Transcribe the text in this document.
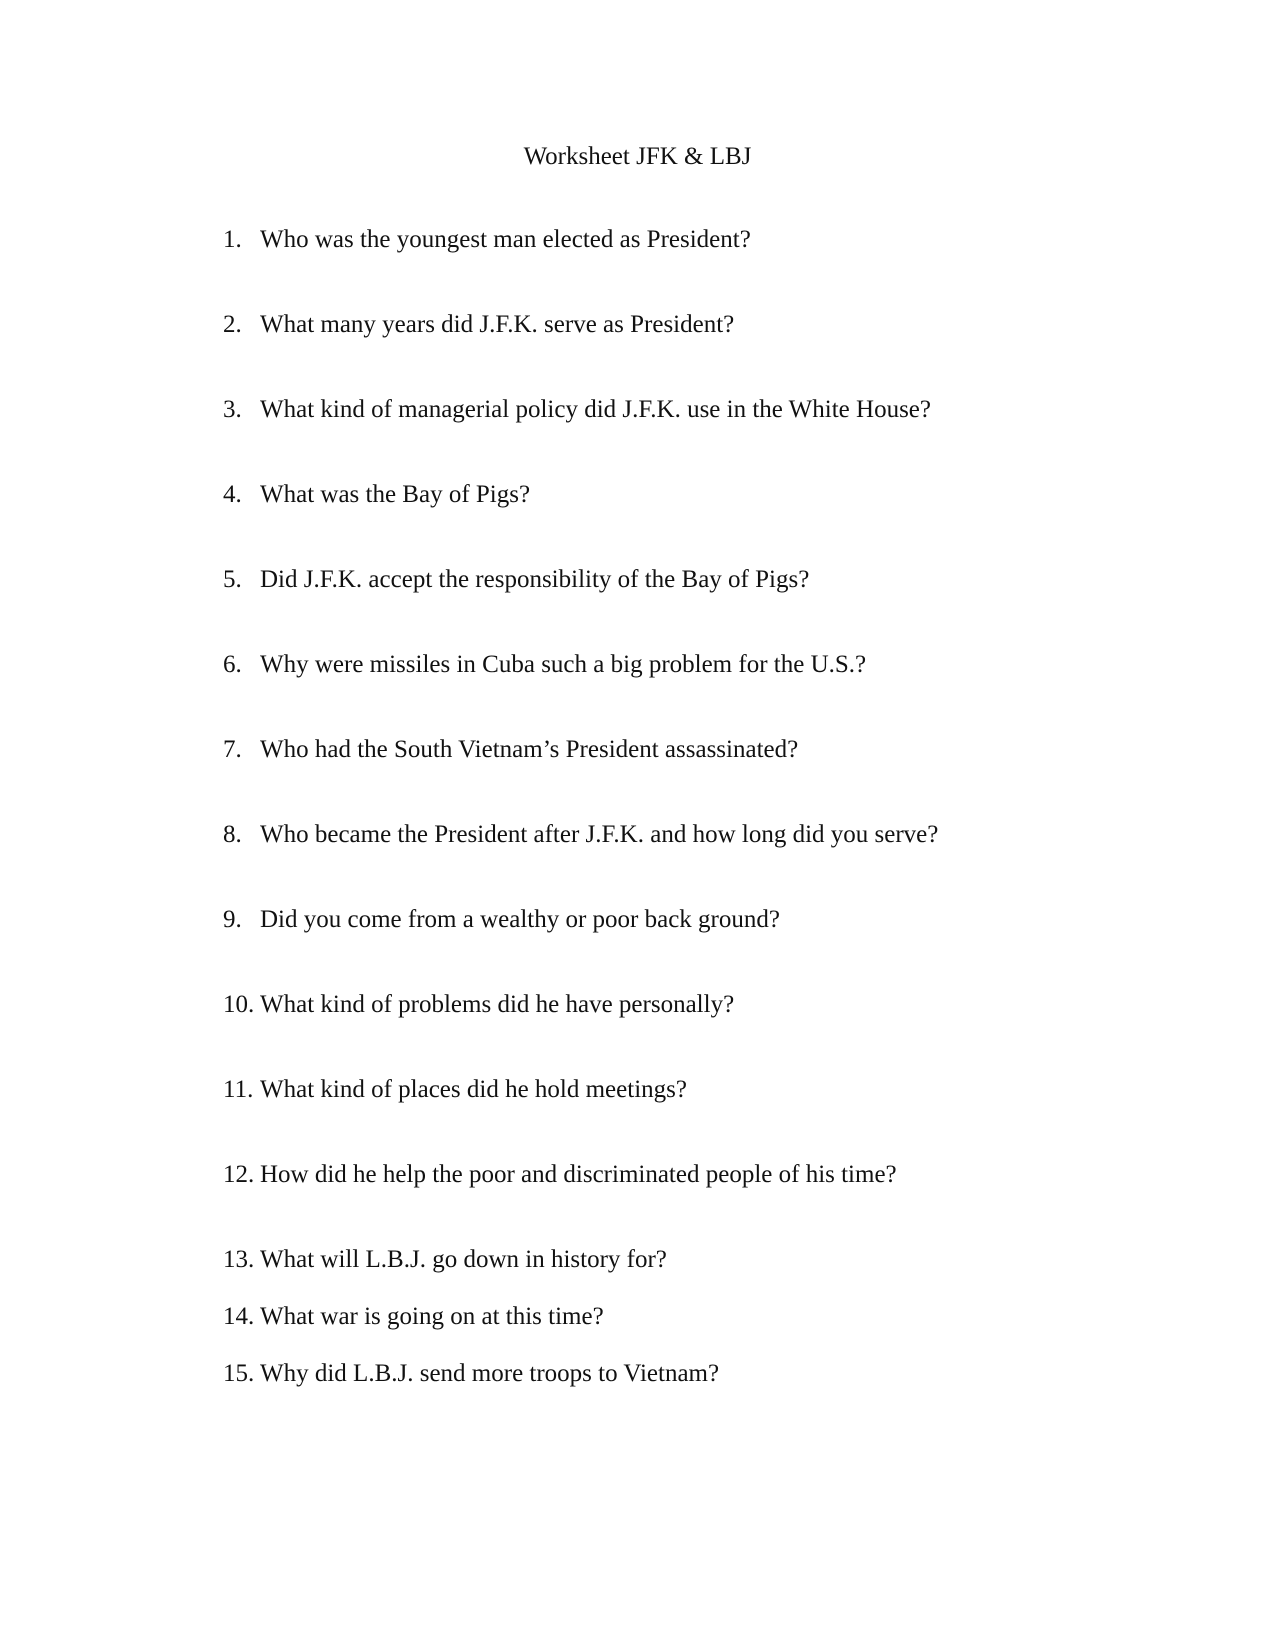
Worksheet JFK & LBJ
1. Who was the youngest man elected as President?
2. What many years did J.F.K. serve as President?
3. What kind of managerial policy did J.F.K. use in the White House?
4. What was the Bay of Pigs?
5. Did J.F.K. accept the responsibility of the Bay of Pigs?
6. Why were missiles in Cuba such a big problem for the U.S.?
7. Who had the South Vietnam’s President assassinated?
8. Who became the President after J.F.K. and how long did you serve?
9. Did you come from a wealthy or poor back ground?
10. What kind of problems did he have personally?
11. What kind of places did he hold meetings?
12. How did he help the poor and discriminated people of his time?
13. What will L.B.J. go down in history for?
14. What war is going on at this time?
15. Why did L.B.J. send more troops to Vietnam?
